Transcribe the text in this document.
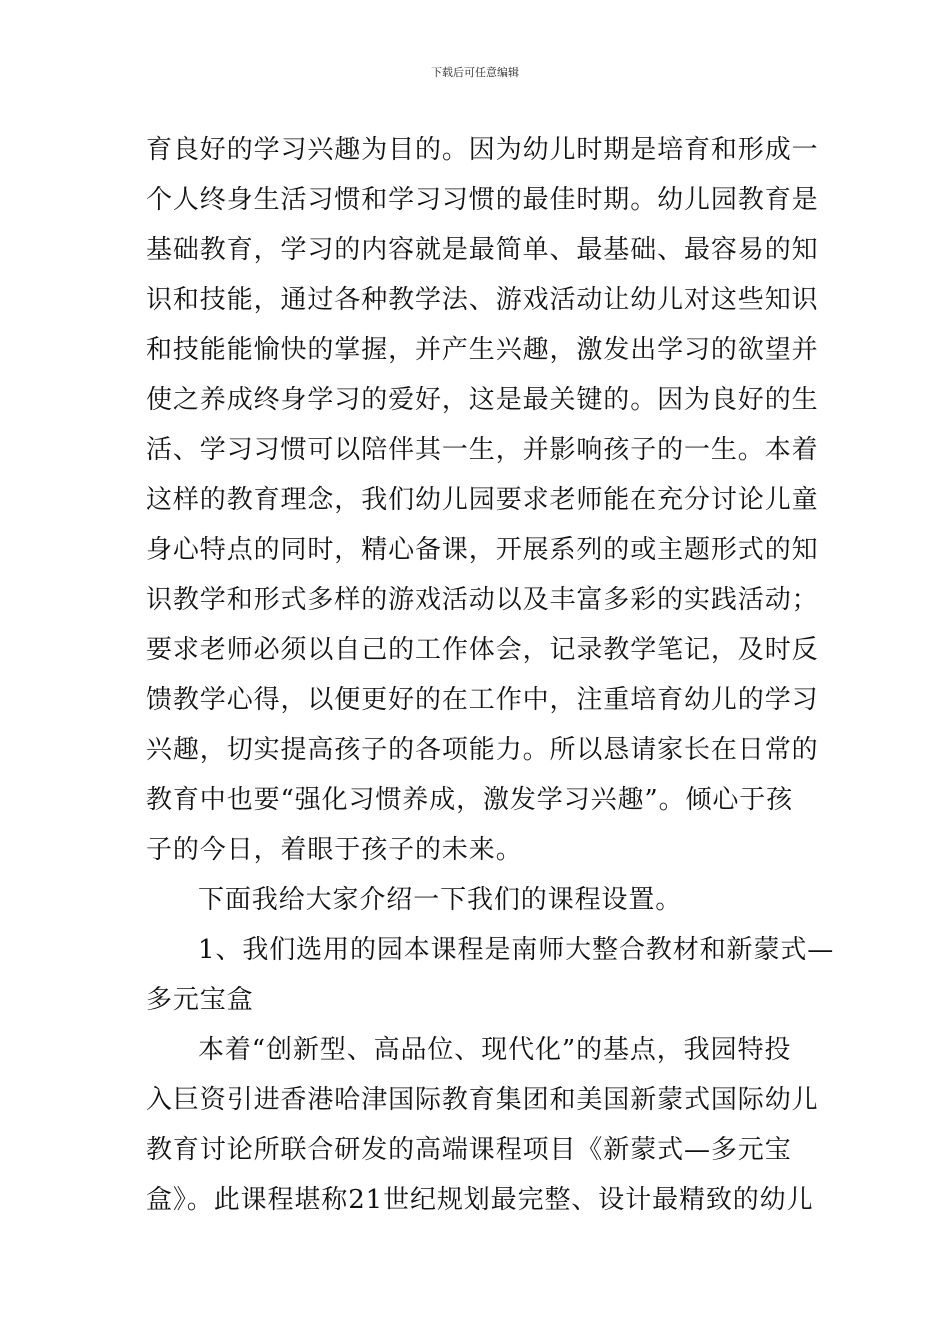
下载后可任意编辑
育良好的学习兴趣为目的。因为幼儿时期是培育和形成一
个人终身生活习惯和学习习惯的最佳时期。幼儿园教育是
基础教育，学习的内容就是最简单、最基础、最容易的知
识和技能，通过各种教学法、游戏活动让幼儿对这些知识
和技能能愉快的掌握，并产生兴趣，激发出学习的欲望并
使之养成终身学习的爱好，这是最关键的。因为良好的生
活、学习习惯可以陪伴其一生，并影响孩子的一生。本着
这样的教育理念，我们幼儿园要求老师能在充分讨论儿童
身心特点的同时，精心备课，开展系列的或主题形式的知
识教学和形式多样的游戏活动以及丰富多彩的实践活动；
要求老师必须以自己的工作体会，记录教学笔记，及时反
馈教学心得，以便更好的在工作中，注重培育幼儿的学习
兴趣，切实提高孩子的各项能力。所以恳请家长在日常的
教育中也要“强化习惯养成，激发学习兴趣”。倾心于孩
子的今日，着眼于孩子的未来。
下面我给大家介绍一下我们的课程设置。
1、我们选用的园本课程是南师大整合教材和新蒙式—
多元宝盒
本着“创新型、高品位、现代化”的基点，我园特投
入巨资引进香港哈津国际教育集团和美国新蒙式国际幼儿
教育讨论所联合研发的高端课程项目《新蒙式—多元宝
盒》。此课程堪称21世纪规划最完整、设计最精致的幼儿
